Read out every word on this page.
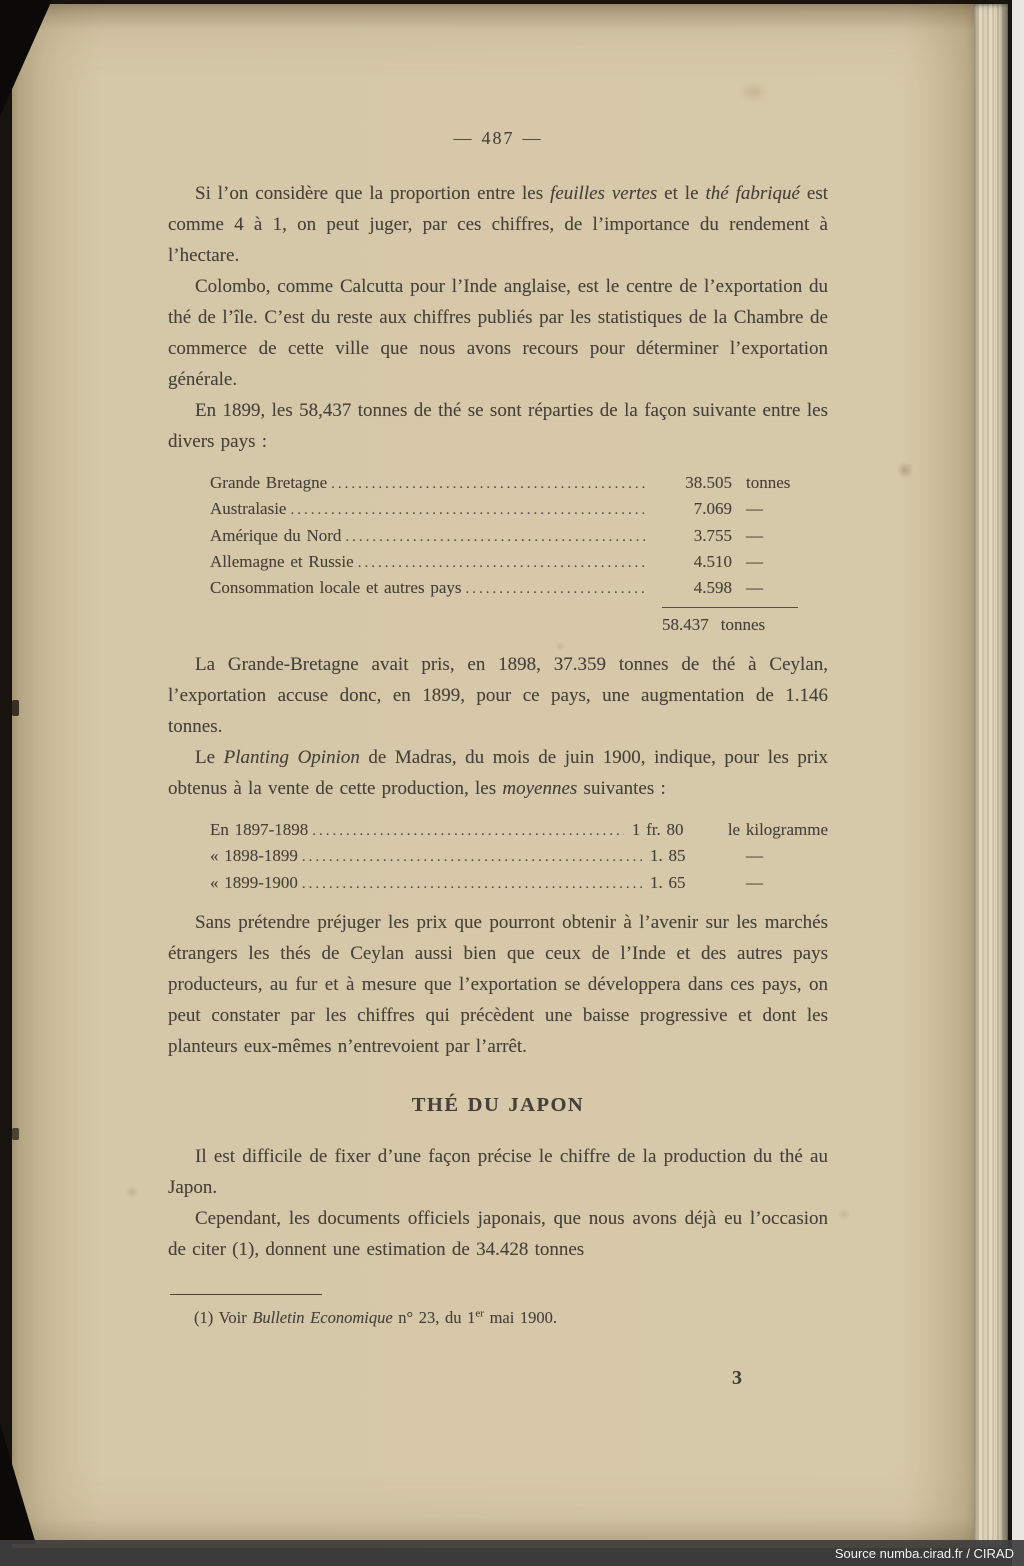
— 487 —

Si l’on considère que la proportion entre les feuilles vertes et le thé fabriqué est comme 4 à 1, on peut juger, par ces chiffres, de l’importance du rendement à l’hectare.

Colombo, comme Calcutta pour l’Inde anglaise, est le centre de l’exportation du thé de l’île. C’est du reste aux chiffres publiés par les statistiques de la Chambre de commerce de cette ville que nous avons recours pour déterminer l’exportation générale.

En 1899, les 58,437 tonnes de thé se sont réparties de la façon suivante entre les divers pays :

Grande Bretagne .....	38.505 tonnes
Australasie .....	7.069 —
Amérique du Nord .....	3.755 —
Allemagne et Russie .....	4.510 —
Consommation locale et autres pays .....	4.598 —
58.437 tonnes

La Grande-Bretagne avait pris, en 1898, 37.359 tonnes de thé à Ceylan, l’exportation accuse donc, en 1899, pour ce pays, une augmentation de 1.146 tonnes.

Le Planting Opinion de Madras, du mois de juin 1900, indique, pour les prix obtenus à la vente de cette production, les moyennes suivantes :

En 1897-1898 .....	1 fr. 80	le kilogramme
« 1898-1899 .....	1. 85	—
« 1899-1900 .....	1. 65	—

Sans prétendre préjuger les prix que pourront obtenir à l’avenir sur les marchés étrangers les thés de Ceylan aussi bien que ceux de l’Inde et des autres pays producteurs, au fur et à mesure que l’exportation se développera dans ces pays, on peut constater par les chiffres qui précèdent une baisse progressive et dont les planteurs eux-mêmes n’entrevoient par l’arrêt.

THÉ DU JAPON

Il est difficile de fixer d’une façon précise le chiffre de la production du thé au Japon.

Cependant, les documents officiels japonais, que nous avons déjà eu l’occasion de citer (1), donnent une estimation de 34.428 tonnes

(1) Voir Bulletin Economique n° 23, du 1er mai 1900.

3
Source numba.cirad.fr / CIRAD
